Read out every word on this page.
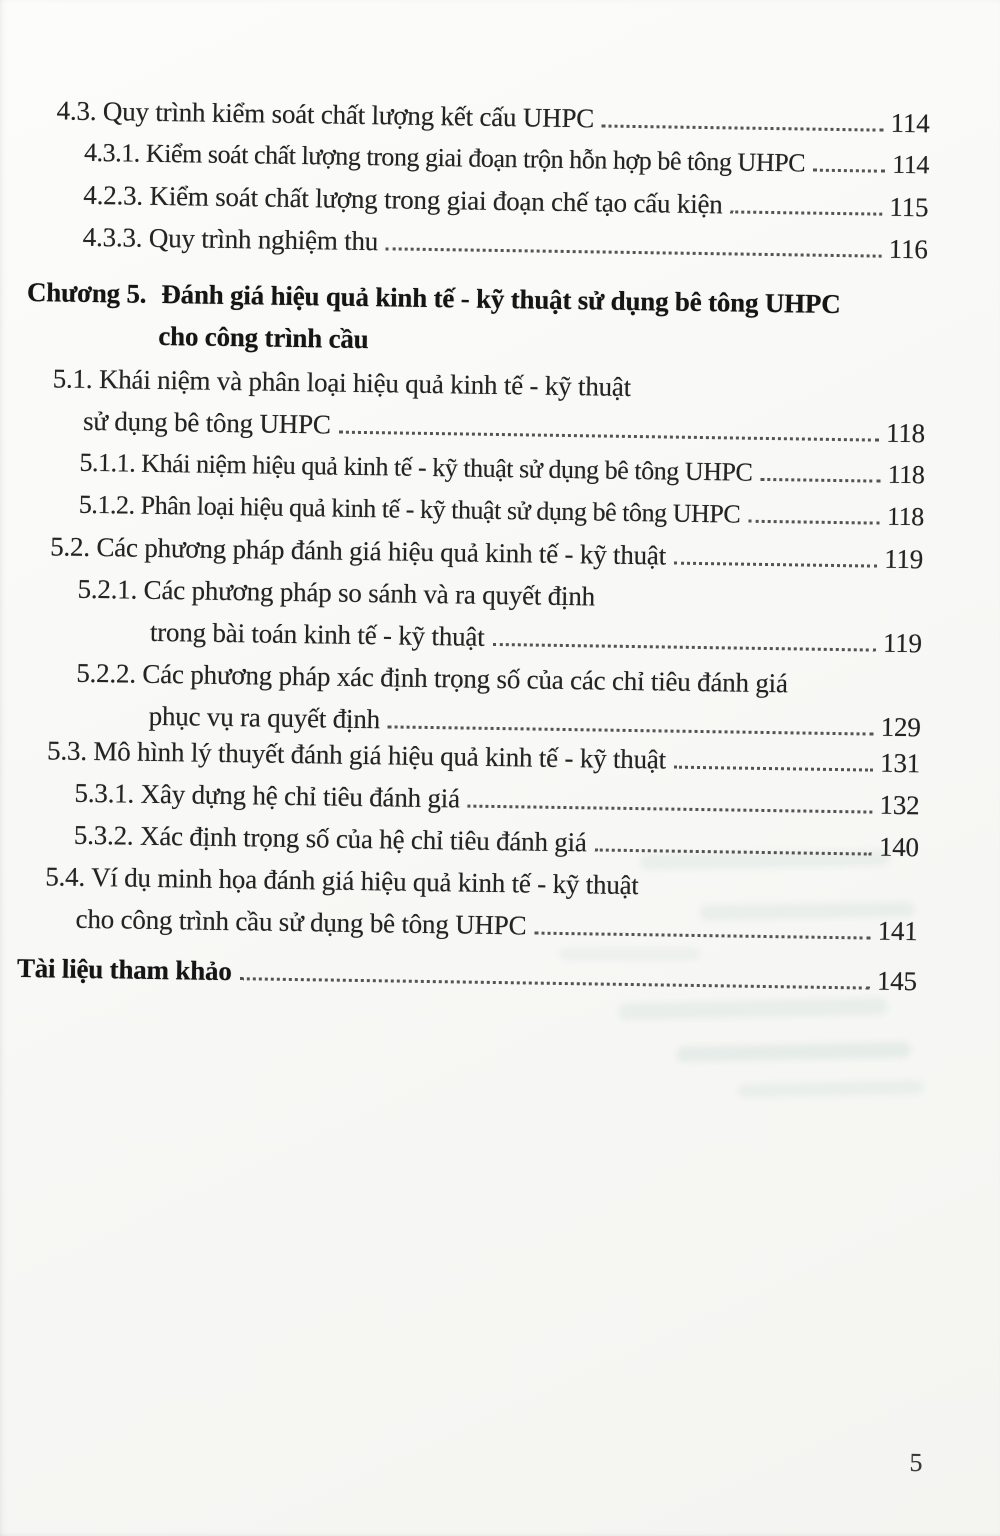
4.3. Quy trình kiểm soát chất lượng kết cấu UHPC	114
4.3.1. Kiểm soát chất lượng trong giai đoạn trộn hỗn hợp bê tông UHPC	114
4.2.3. Kiểm soát chất lượng trong giai đoạn chế tạo cấu kiện	115
4.3.3. Quy trình nghiệm thu	116
Chương 5. Đánh giá hiệu quả kinh tế - kỹ thuật sử dụng bê tông UHPC
cho công trình cầu
5.1. Khái niệm và phân loại hiệu quả kinh tế - kỹ thuật
sử dụng bê tông UHPC	118
5.1.1. Khái niệm hiệu quả kinh tế - kỹ thuật sử dụng bê tông UHPC	118
5.1.2. Phân loại hiệu quả kinh tế - kỹ thuật sử dụng bê tông UHPC	118
5.2. Các phương pháp đánh giá hiệu quả kinh tế - kỹ thuật	119
5.2.1. Các phương pháp so sánh và ra quyết định
trong bài toán kinh tế - kỹ thuật	119
5.2.2. Các phương pháp xác định trọng số của các chỉ tiêu đánh giá
phục vụ ra quyết định	129
5.3. Mô hình lý thuyết đánh giá hiệu quả kinh tế - kỹ thuật	131
5.3.1. Xây dựng hệ chỉ tiêu đánh giá	132
5.3.2. Xác định trọng số của hệ chỉ tiêu đánh giá	140
5.4. Ví dụ minh họa đánh giá hiệu quả kinh tế - kỹ thuật
cho công trình cầu sử dụng bê tông UHPC	141
Tài liệu tham khảo	145
5
